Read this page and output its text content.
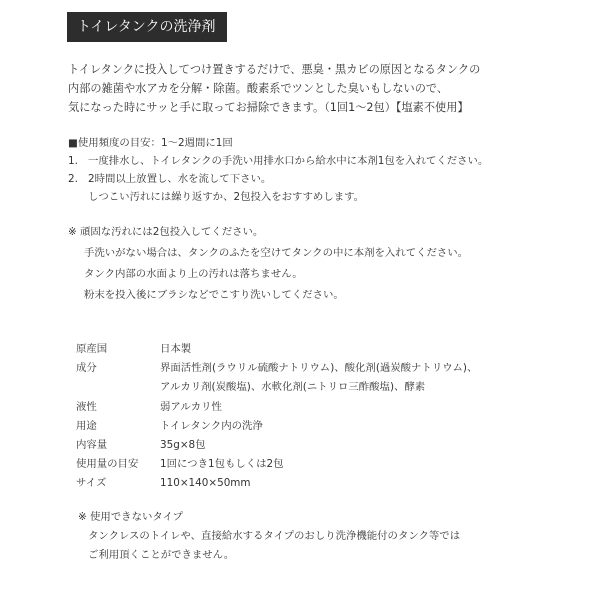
トイレタンクの洗浄剤
トイレタンクに投入してつけ置きするだけで、悪臭・黒カビの原因となるタンクの
内部の雑菌や水アカを分解・除菌。酸素系でツンとした臭いもしないので、
気になった時にサッと手に取ってお掃除できます。（1回1～2包）【塩素不使用】
■使用頻度の目安：1〜2週間に1回
1. 一度排水し、トイレタンクの手洗い用排水口から給水中に本剤1包を入れてください。
2. 2時間以上放置し、水を流して下さい。
しつこい汚れには繰り返すか、2包投入をおすすめします。
※ 頑固な汚れには2包投入してください。
手洗いがない場合は、タンクのふたを空けてタンクの中に本剤を入れてください。
タンク内部の水面より上の汚れは落ちません。
粉末を投入後にブラシなどでこすり洗いしてください。
原産国	日本製
成分	界面活性剤(ラウリル硫酸ナトリウム)、酸化剤(過炭酸ナトリウム)、
アルカリ剤(炭酸塩)、水軟化剤(ニトリロ三酢酸塩)、酵素
液性	弱アルカリ性
用途	トイレタンク内の洗浄
内容量	35g×8包
使用量の目安	1回につき1包もしくは2包
サイズ	110×140×50mm
※ 使用できないタイプ
タンクレスのトイレや、直接給水するタイプのおしり洗浄機能付のタンク等では
ご利用頂くことができません。
